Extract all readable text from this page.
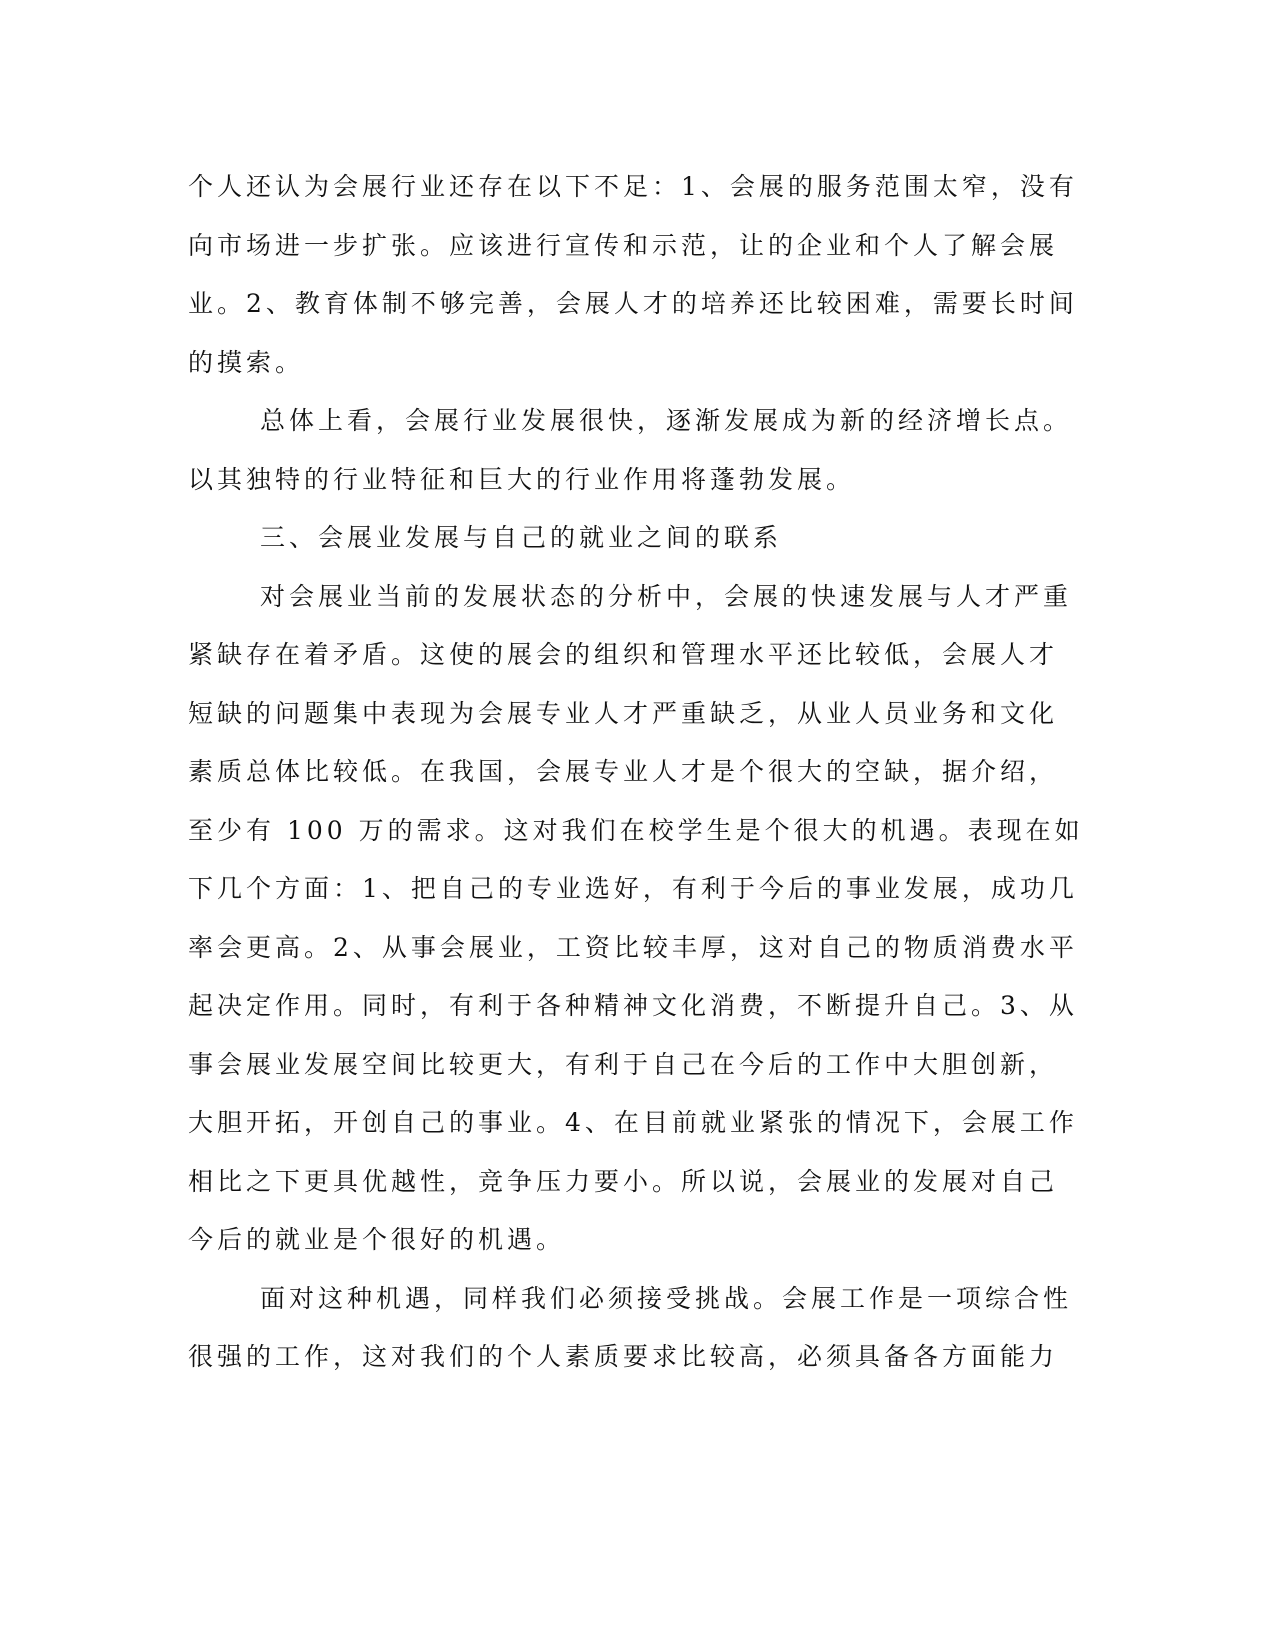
个人还认为会展行业还存在以下不足：1、会展的服务范围太窄，没有
向市场进一步扩张。应该进行宣传和示范，让的企业和个人了解会展
业。2、教育体制不够完善，会展人才的培养还比较困难，需要长时间
的摸索。
总体上看，会展行业发展很快，逐渐发展成为新的经济增长点。
以其独特的行业特征和巨大的行业作用将蓬勃发展。
三、会展业发展与自己的就业之间的联系
对会展业当前的发展状态的分析中，会展的快速发展与人才严重
紧缺存在着矛盾。这使的展会的组织和管理水平还比较低，会展人才
短缺的问题集中表现为会展专业人才严重缺乏，从业人员业务和文化
素质总体比较低。在我国，会展专业人才是个很大的空缺，据介绍，
至少有 100 万的需求。这对我们在校学生是个很大的机遇。表现在如
下几个方面：1、把自己的专业选好，有利于今后的事业发展，成功几
率会更高。2、从事会展业，工资比较丰厚，这对自己的物质消费水平
起决定作用。同时，有利于各种精神文化消费，不断提升自己。3、从
事会展业发展空间比较更大，有利于自己在今后的工作中大胆创新，
大胆开拓，开创自己的事业。4、在目前就业紧张的情况下，会展工作
相比之下更具优越性，竞争压力要小。所以说，会展业的发展对自己
今后的就业是个很好的机遇。
面对这种机遇，同样我们必须接受挑战。会展工作是一项综合性
很强的工作，这对我们的个人素质要求比较高，必须具备各方面能力
